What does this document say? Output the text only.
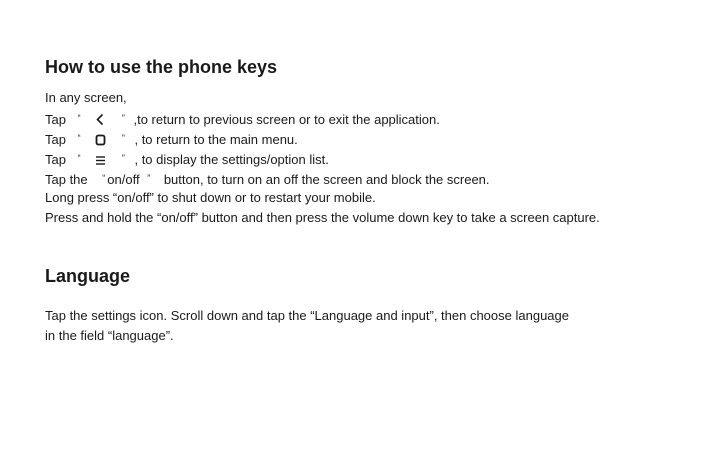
How to use the phone keys
In any screen,
Tap “	” ,to return to previous screen or to exit the application.
Tap “	” , to return to the main menu.
Tap “	” , to display the settings/option list.
Tap the “ on/off ” button, to turn on an off the screen and block the screen.
Long press “on/off” to shut down or to restart your mobile.
Press and hold the “on/off” button and then press the volume down key to take a screen capture.
Language
Tap the settings icon. Scroll down and tap the “Language and input”, then choose language
in the field “language”.
